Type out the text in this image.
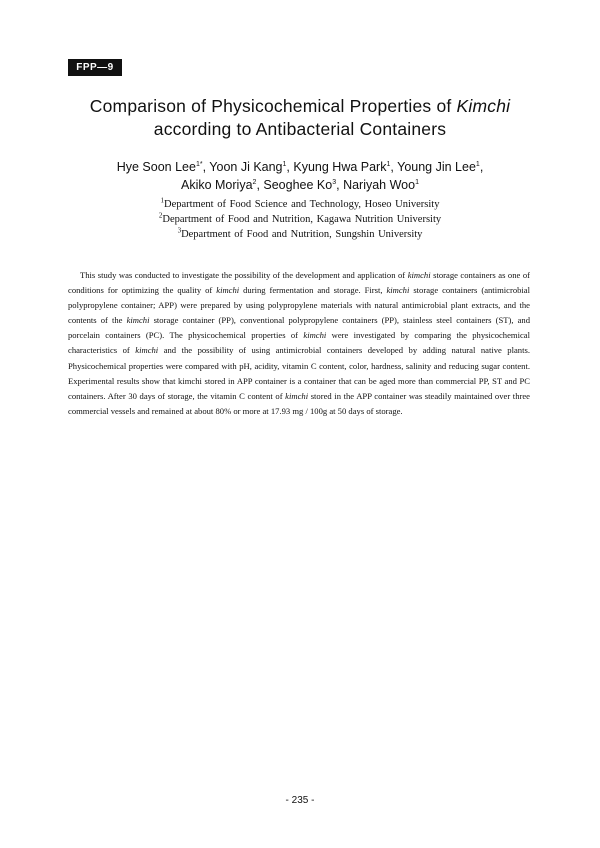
FPP—9
Comparison of Physicochemical Properties of Kimchi
according to Antibacterial Containers
Hye Soon Lee$^{1*}$, Yoon Ji Kang$^1$, Kyung Hwa Park$^1$, Young Jin Lee$^1$,
Akiko Moriya$^2$, Seoghee Ko$^3$, Nariyah Woo$^1$
$^1$Department of Food Science and Technology, Hoseo University
$^2$Department of Food and Nutrition, Kagawa Nutrition University
$^3$Department of Food and Nutrition, Sungshin University

This study was conducted to investigate the possibility of the development and application of kimchi storage containers as one of conditions for optimizing the quality of kimchi during fermentation and storage. First, kimchi storage containers (antimicrobial polypropylene container; APP) were prepared by using polypropylene materials with natural antimicrobial plant extracts, and the contents of the kimchi storage container (PP), conventional polypropylene containers (PP), stainless steel containers (ST), and porcelain containers (PC). The physicochemical properties of kimchi were investigated by comparing the physicochemical characteristics of kimchi and the possibility of using antimicrobial containers developed by adding natural native plants. Physicochemical properties were compared with pH, acidity, vitamin C content, color, hardness, salinity and reducing sugar content. Experimental results show that kimchi stored in APP container is a container that can be aged more than commercial PP, ST and PC containers. After 30 days of storage, the vitamin C content of kimchi stored in the APP container was steadily maintained over three commercial vessels and remained at about 80% or more at 17.93 mg / 100g at 50 days of storage.

- 235 -
